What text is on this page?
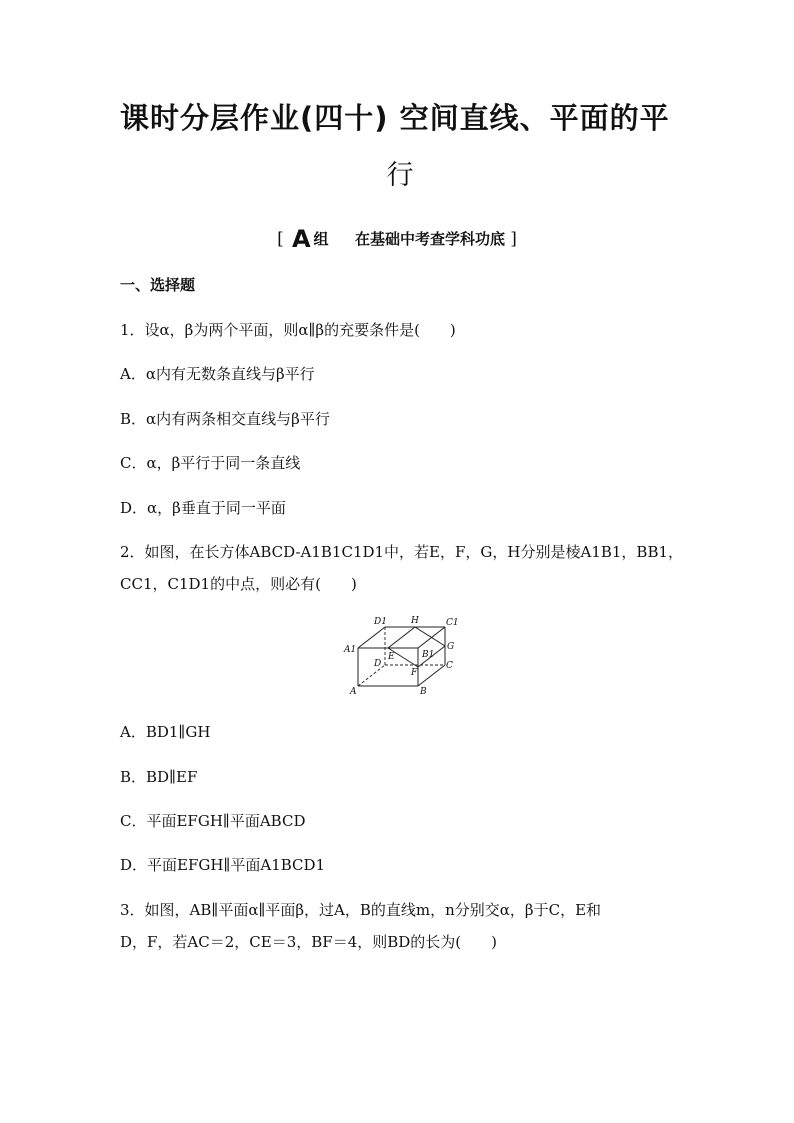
课时分层作业(四十) 空间直线、平面的平
行
[ A 组 在基础中考查学科功底 ]
一、选择题
1．设α，β为两个平面，则α∥β的充要条件是(　　)
A．α内有无数条直线与β平行
B．α内有两条相交直线与β平行
C．α，β平行于同一条直线
D．α，β垂直于同一平面
2．如图，在长方体ABCD-A1B1C1D1中，若E，F，G，H分别是棱A1B1，BB1，
CC1，C1D1的中点，则必有(　　)
D1	H	C1
A1	G
D
E	B1
C
F
A	B
A．BD1∥GH
B．BD∥EF
C．平面EFGH∥平面ABCD
D．平面EFGH∥平面A1BCD1
3．如图，AB∥平面α∥平面β，过A，B的直线m，n分别交α，β于C，E和
D，F，若AC＝2，CE＝3，BF＝4，则BD的长为(　　)
